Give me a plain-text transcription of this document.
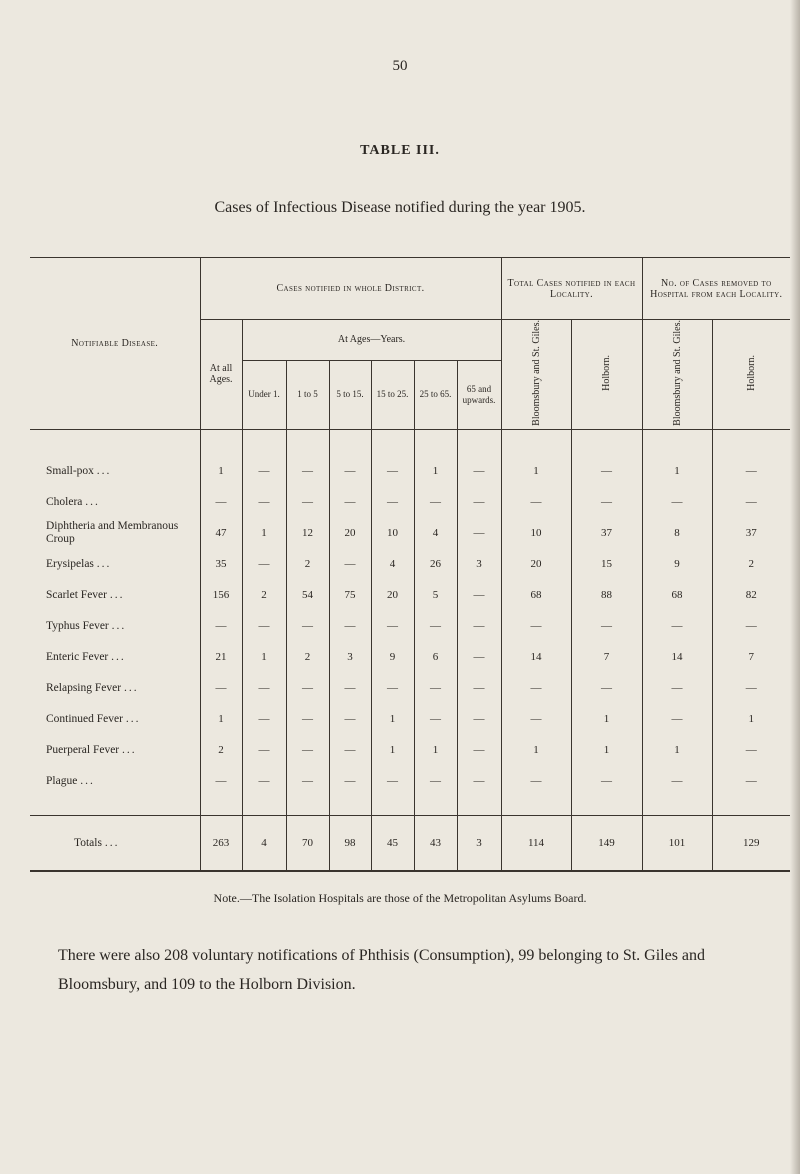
50
TABLE III.
Cases of Infectious Disease notified during the year 1905.
Notifiable Disease.	Cases notified in whole District.							Total Cases notified in each Locality.		No. of Cases removed to Hospital from each Locality.	
	At all Ages.	At Ages—Years.						Bloomsbury and St. Giles.	Holborn.	Bloomsbury and St. Giles.	Holborn.
		Under 1.	1 to 5	5 to 15.	15 to 25.	25 to 65.	65 and upwards.				

Small-pox ...	1	—	—	—	—	1	—	1	—	1	—
Cholera ...	—	—	—	—	—	—	—	—	—	—	—
Diphtheria and Membranous Croup	47	1	12	20	10	4	—	10	37	8	37
Erysipelas ...	35	—	2	—	4	26	3	20	15	9	2
Scarlet Fever ...	156	2	54	75	20	5	—	68	88	68	82
Typhus Fever ...	—	—	—	—	—	—	—	—	—	—	—
Enteric Fever ...	21	1	2	3	9	6	—	14	7	14	7
Relapsing Fever ...	—	—	—	—	—	—	—	—	—	—	—
Continued Fever ...	1	—	—	—	1	—	—	—	1	—	1
Puerperal Fever ...	2	—	—	—	1	1	—	1	1	1	—
Plague ...	—	—	—	—	—	—	—	—	—	—	—

Totals ...	263	4	70	98	45	43	3	114	149	101	129
Note.—The Isolation Hospitals are those of the Metropolitan Asylums Board.
There were also 208 voluntary notifications of Phthisis (Consumption), 99 belonging to St. Giles and Bloomsbury, and 109 to the Holborn Division.
